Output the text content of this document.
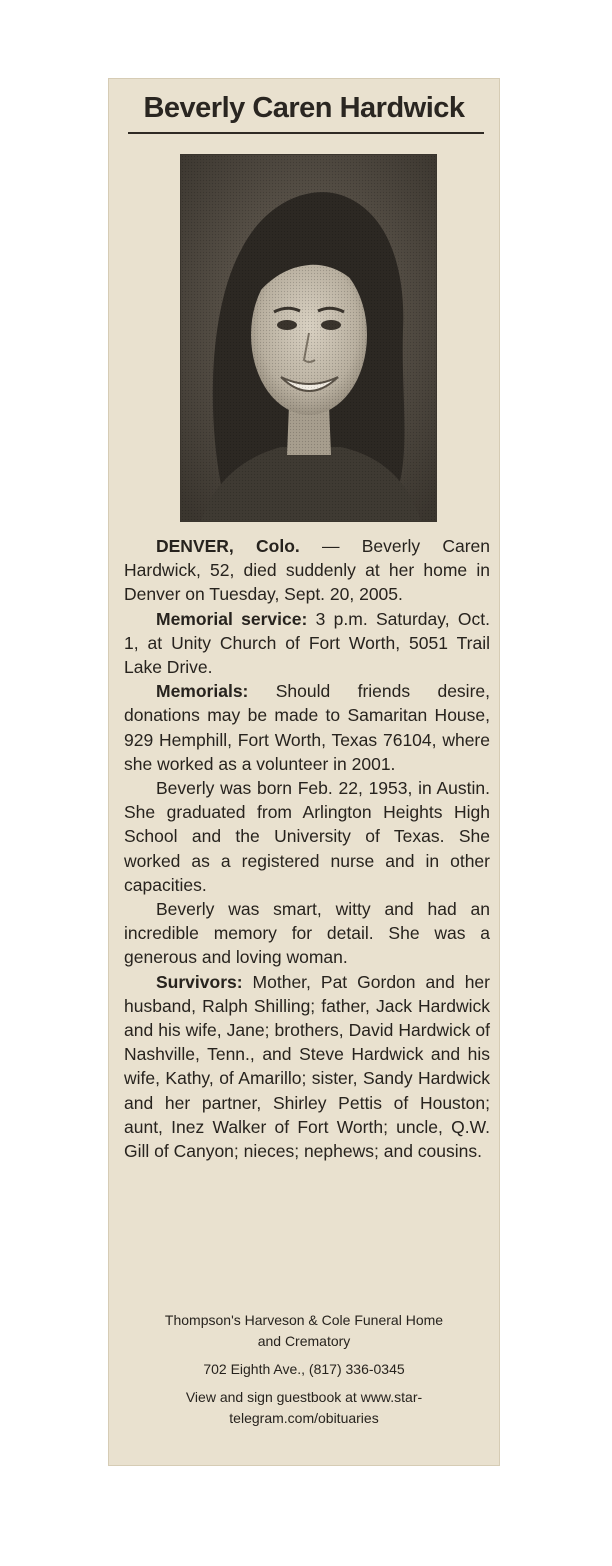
Beverly Caren Hardwick

DENVER, Colo. — Beverly Caren Hardwick, 52, died suddenly at her home in Denver on Tuesday, Sept. 20, 2005.

Memorial service: 3 p.m. Saturday, Oct. 1, at Unity Church of Fort Worth, 5051 Trail Lake Drive.

Memorials: Should friends desire, donations may be made to Samaritan House, 929 Hemphill, Fort Worth, Texas 76104, where she worked as a volunteer in 2001.

Beverly was born Feb. 22, 1953, in Austin. She graduated from Arlington Heights High School and the University of Texas. She worked as a registered nurse and in other capacities.

Beverly was smart, witty and had an incredible memory for detail. She was a generous and loving woman.

Survivors: Mother, Pat Gordon and her husband, Ralph Shilling; father, Jack Hardwick and his wife, Jane; brothers, David Hardwick of Nashville, Tenn., and Steve Hardwick and his wife, Kathy, of Amarillo; sister, Sandy Hardwick and her partner, Shirley Pettis of Houston; aunt, Inez Walker of Fort Worth; uncle, Q.W. Gill of Canyon; nieces; nephews; and cousins.

Thompson's Harveson & Cole Funeral Home
and Crematory
702 Eighth Ave., (817) 336-0345
View and sign guestbook at www.star-
telegram.com/obituaries
